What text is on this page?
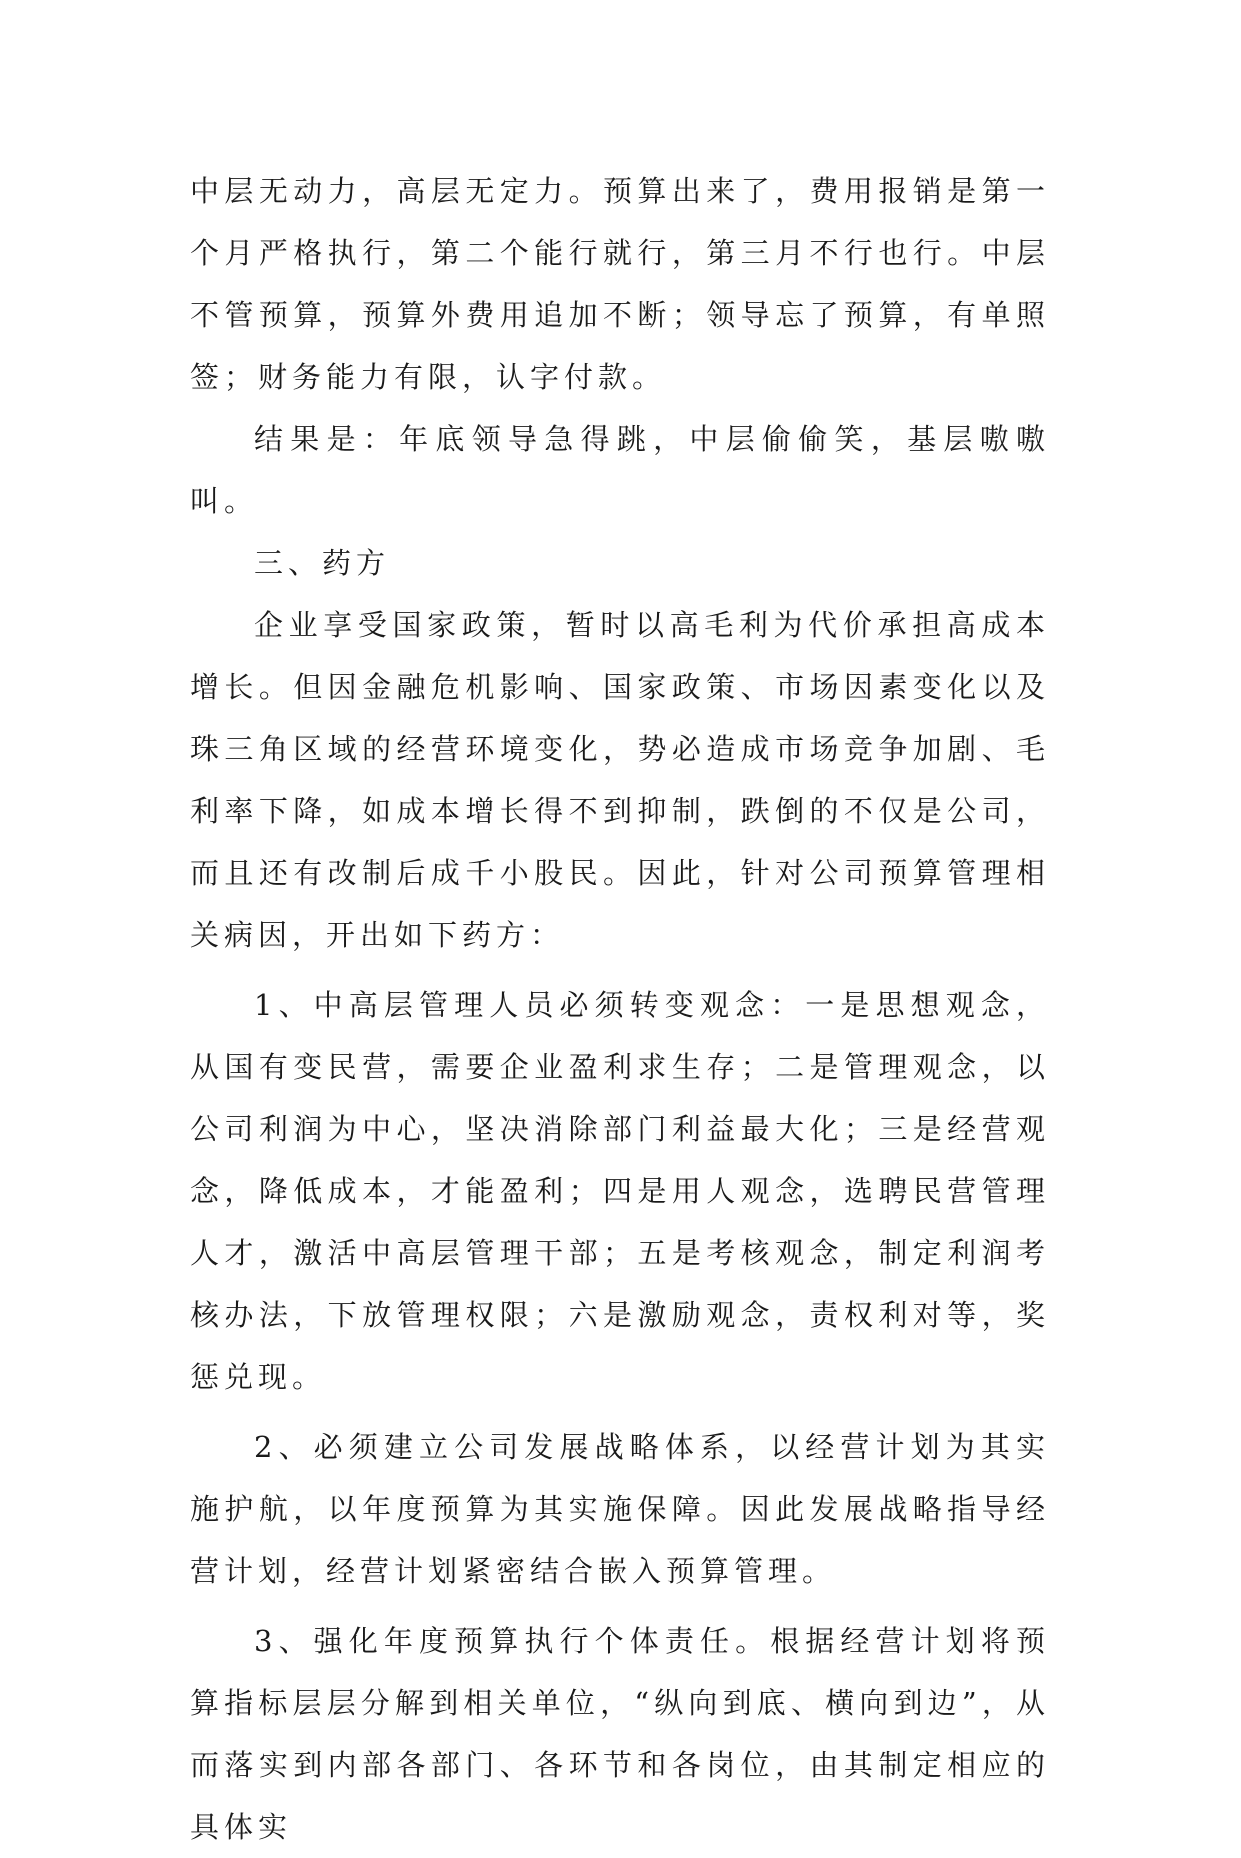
中层无动力，高层无定力。预算出来了，费用报销是第一个月严格执行，第二个能行就行，第三月不行也行。中层不管预算，预算外费用追加不断；领导忘了预算，有单照签；财务能力有限，认字付款。

结果是：年底领导急得跳，中层偷偷笑，基层嗷嗷叫。

三、药方

企业享受国家政策，暂时以高毛利为代价承担高成本增长。但因金融危机影响、国家政策、市场因素变化以及珠三角区域的经营环境变化，势必造成市场竞争加剧、毛利率下降，如成本增长得不到抑制，跌倒的不仅是公司，而且还有改制后成千小股民。因此，针对公司预算管理相关病因，开出如下药方：

1、中高层管理人员必须转变观念：一是思想观念，从国有变民营，需要企业盈利求生存；二是管理观念，以公司利润为中心，坚决消除部门利益最大化；三是经营观念，降低成本，才能盈利；四是用人观念，选聘民营管理人才，激活中高层管理干部；五是考核观念，制定利润考核办法，下放管理权限；六是激励观念，责权利对等，奖惩兑现。

2、必须建立公司发展战略体系，以经营计划为其实施护航，以年度预算为其实施保障。因此发展战略指导经营计划，经营计划紧密结合嵌入预算管理。

3、强化年度预算执行个体责任。根据经营计划将预算指标层层分解到相关单位，“纵向到底、横向到边”，从而落实到内部各部门、各环节和各岗位，由其制定相应的具体实
